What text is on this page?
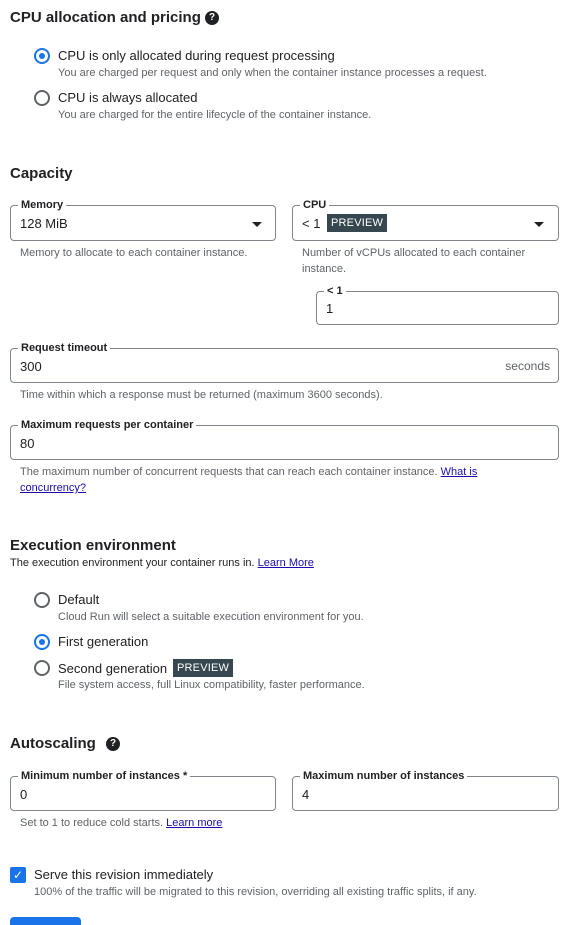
CPU allocation and pricing ?
CPU is only allocated during request processing
You are charged per request and only when the container instance processes a request.
CPU is always allocated
You are charged for the entire lifecycle of the container instance.
Capacity
Memory
128 MiB
Memory to allocate to each container instance.
CPU
< 1 PREVIEW
Number of vCPUs allocated to each container instance.
< 1
1
Request timeout
300	seconds
Time within which a response must be returned (maximum 3600 seconds).
Maximum requests per container
80
The maximum number of concurrent requests that can reach each container instance. What is
concurrency?
Execution environment
The execution environment your container runs in. Learn More
Default
Cloud Run will select a suitable execution environment for you.
First generation
Second generation PREVIEW
File system access, full Linux compatibility, faster performance.
Autoscaling ?
Minimum number of instances *
0
Maximum number of instances
4
Set to 1 to reduce cold starts. Learn more
✓ Serve this revision immediately
100% of the traffic will be migrated to this revision, overriding all existing traffic splits, if any.
